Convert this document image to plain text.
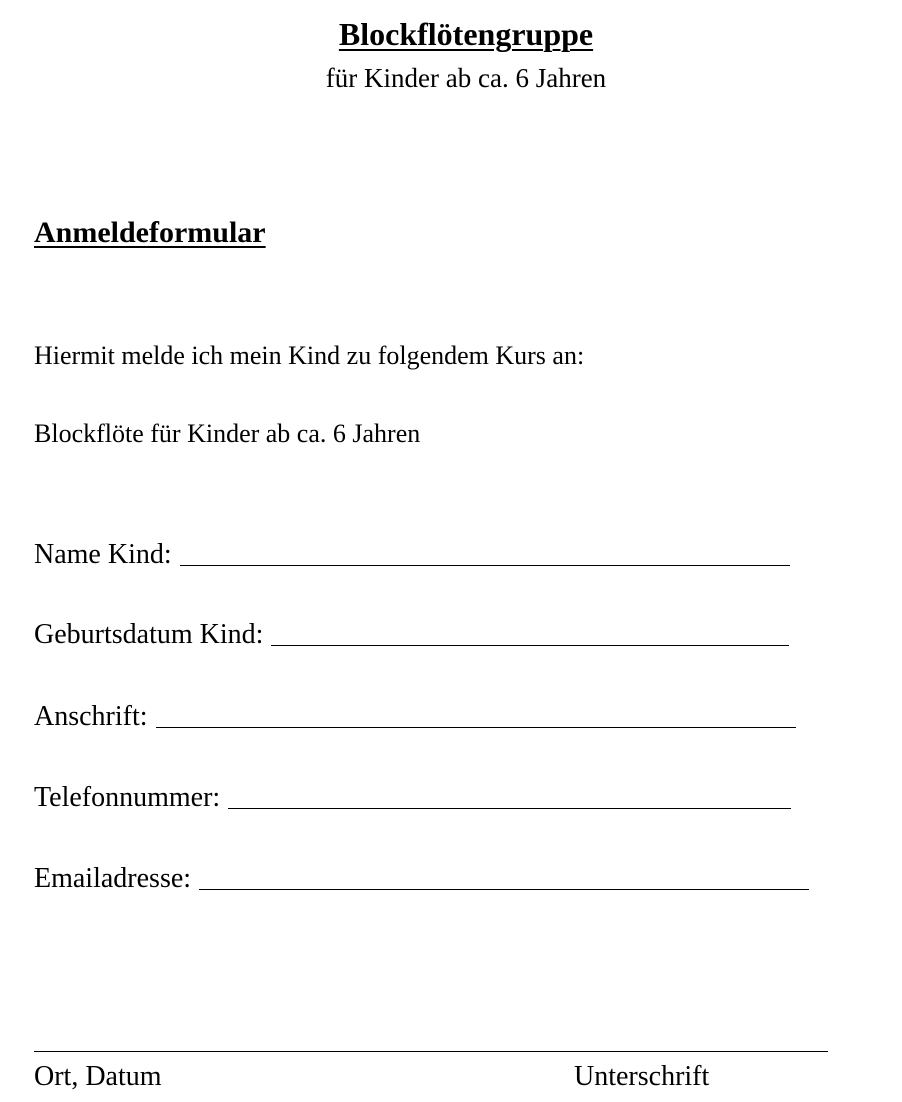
Blockflötengruppe
für Kinder ab ca. 6 Jahren
Anmeldeformular
Hiermit melde ich mein Kind zu folgendem Kurs an:
Blockflöte für Kinder ab ca. 6 Jahren
Name Kind:
Geburtsdatum Kind:
Anschrift:
Telefonnummer:
Emailadresse:
Ort, Datum	Unterschrift
